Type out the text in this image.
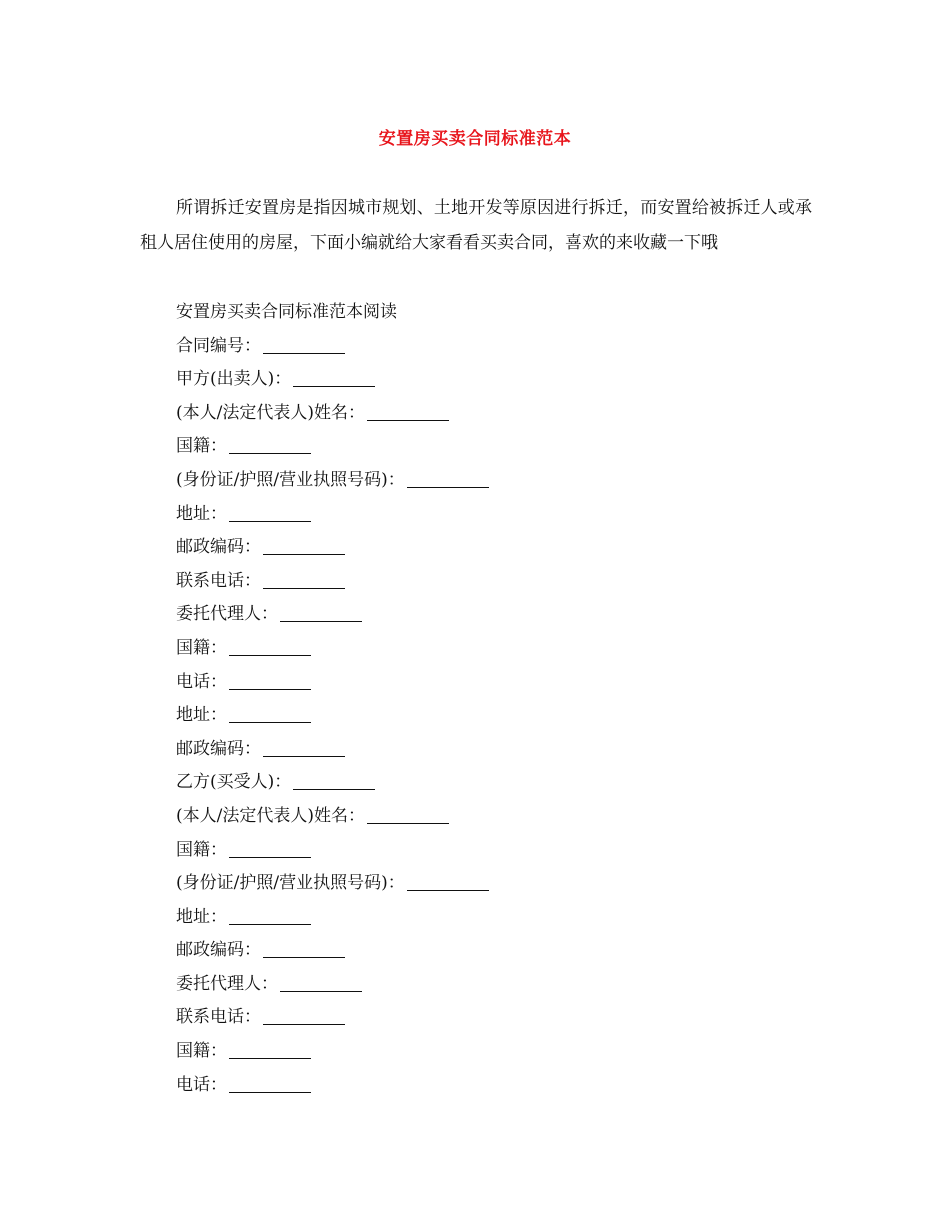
安置房买卖合同标准范本

所谓拆迁安置房是指因城市规划、土地开发等原因进行拆迁，而安置给被拆迁人或承租人居住使用的房屋，下面小编就给大家看看买卖合同，喜欢的来收藏一下哦

安置房买卖合同标准范本阅读
合同编号：
甲方(出卖人)：
(本人/法定代表人)姓名：
国籍：
(身份证/护照/营业执照号码)：
地址：
邮政编码：
联系电话：
委托代理人：
国籍：
电话：
地址：
邮政编码：
乙方(买受人)：
(本人/法定代表人)姓名：
国籍：
(身份证/护照/营业执照号码)：
地址：
邮政编码：
委托代理人：
联系电话：
国籍：
电话：
